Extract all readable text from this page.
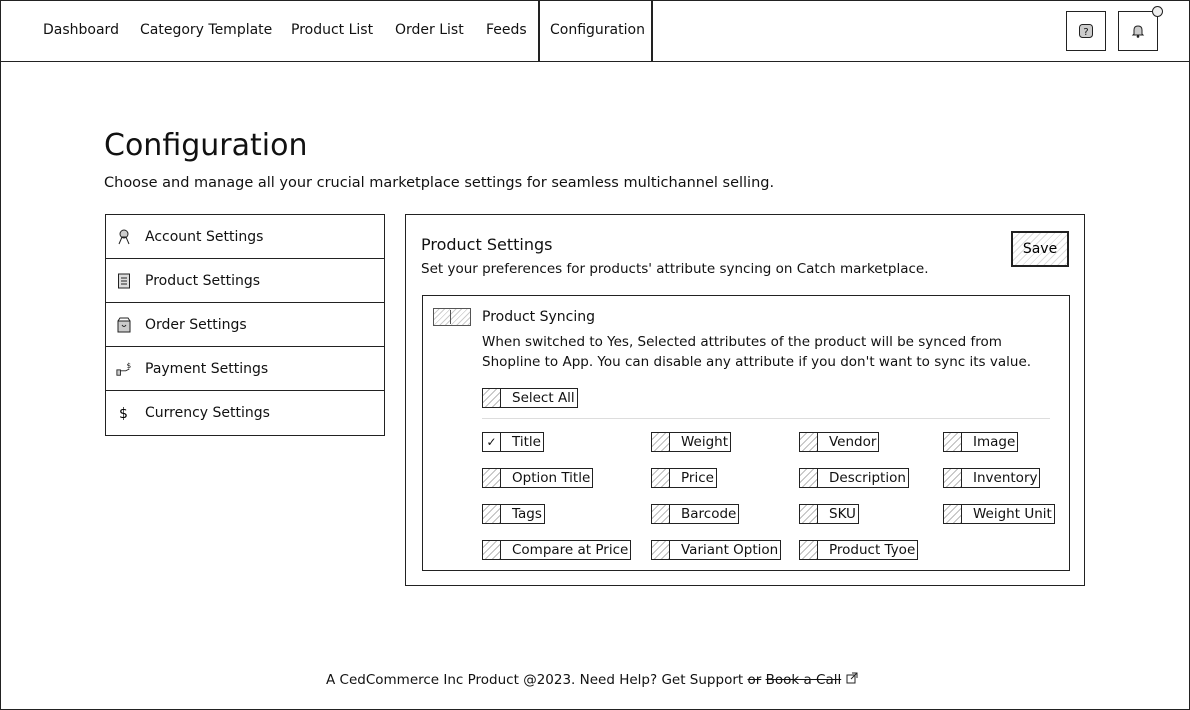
Dashboard Category Template Product List Order List Feeds Configuration	?
Configuration

Choose and manage all your crucial marketplace settings for seamless multichannel selling.

Account Settings
Product Settings
Order Settings
$ Payment Settings
$ Currency Settings
Product Settings
Set your preferences for products' attribute syncing on Catch marketplace.
Save
Product Syncing
When switched to Yes, Selected attributes of the product will be synced from Shopline to App. You can disable any attribute if you don't want to sync its value.
Select All
✓ Title	Weight	Vendor	Image
Option Title	Price	Description	Inventory
Tags	Barcode	SKU	Weight Unit
Compare at Price	Variant Option	Product Tyoe
A CedCommerce Inc Product @2023. Need Help? Get Support or Book a Call
